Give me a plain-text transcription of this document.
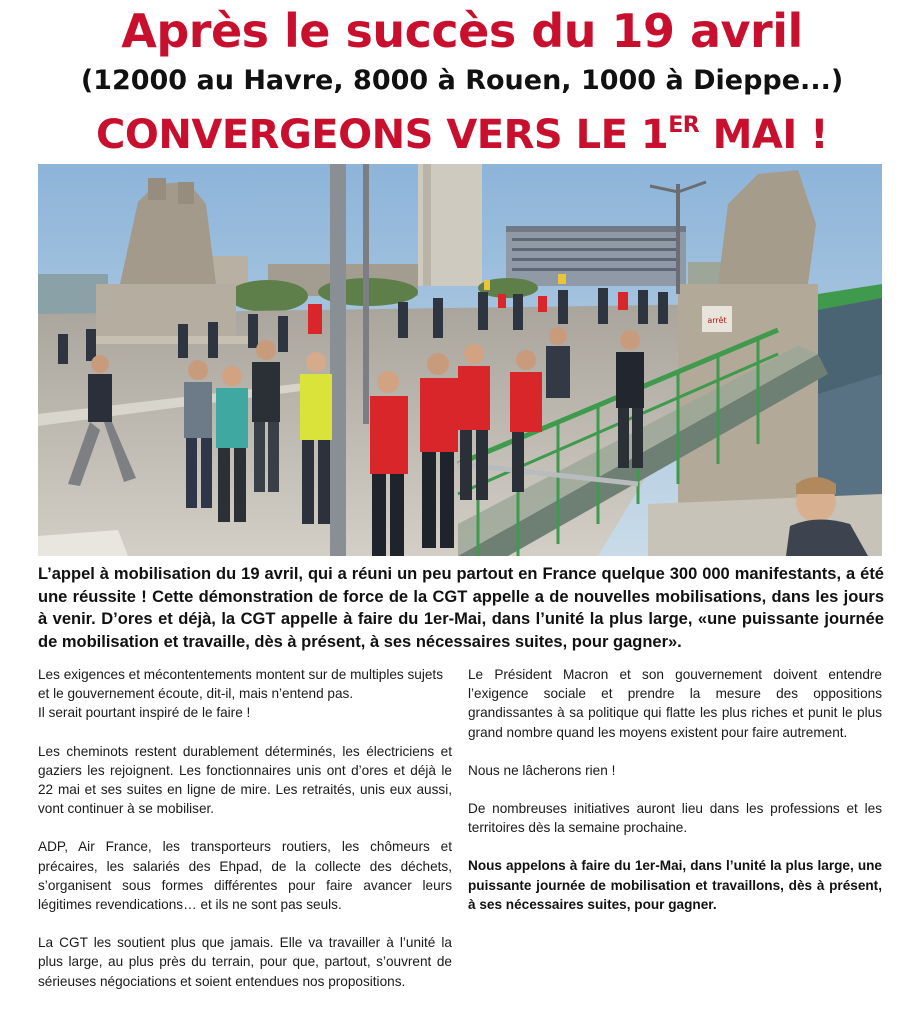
Après le succès du 19 avril
(12000 au Havre, 8000 à Rouen, 1000 à Dieppe...)
CONVERGEONS VERS LE 1ER MAI !
arrêt
L’appel à mobilisation du 19 avril, qui a réuni un peu partout en France quelque 300 000 manifestants, a été une réussite ! Cette démonstration de force de la CGT appelle a de nouvelles mobilisations, dans les jours à venir. D’ores et déjà, la CGT appelle à faire du 1er-Mai, dans l’unité la plus large, «une puissante journée de mobilisation et travaille, dès à présent, à ses nécessaires suites, pour gagner».

Les exigences et mécontentements montent sur de multiples sujets et le gouvernement écoute, dit-il, mais n’entend pas.
Il serait pourtant inspiré de le faire !

Les cheminots restent durablement déterminés, les électriciens et gaziers les rejoignent. Les fonctionnaires unis ont d’ores et déjà le 22 mai et ses suites en ligne de mire. Les retraités, unis eux aussi, vont continuer à se mobiliser.

ADP, Air France, les transporteurs routiers, les chômeurs et précaires, les salariés des Ehpad, de la collecte des déchets, s’organisent sous formes différentes pour faire avancer leurs légitimes revendications… et ils ne sont pas seuls.

La CGT les soutient plus que jamais. Elle va travailler à l’unité la plus large, au plus près du terrain, pour que, partout, s’ouvrent de sérieuses négociations et soient entendues nos propositions.

Le Président Macron et son gouvernement doivent entendre l’exigence sociale et prendre la mesure des oppositions grandissantes à sa politique qui flatte les plus riches et punit le plus grand nombre quand les moyens existent pour faire autrement.

Nous ne lâcherons rien !

De nombreuses initiatives auront lieu dans les professions et les territoires dès la semaine prochaine.

Nous appelons à faire du 1er-Mai, dans l’unité la plus large, une puissante journée de mobilisation et travaillons, dès à présent, à ses nécessaires suites, pour gagner.
